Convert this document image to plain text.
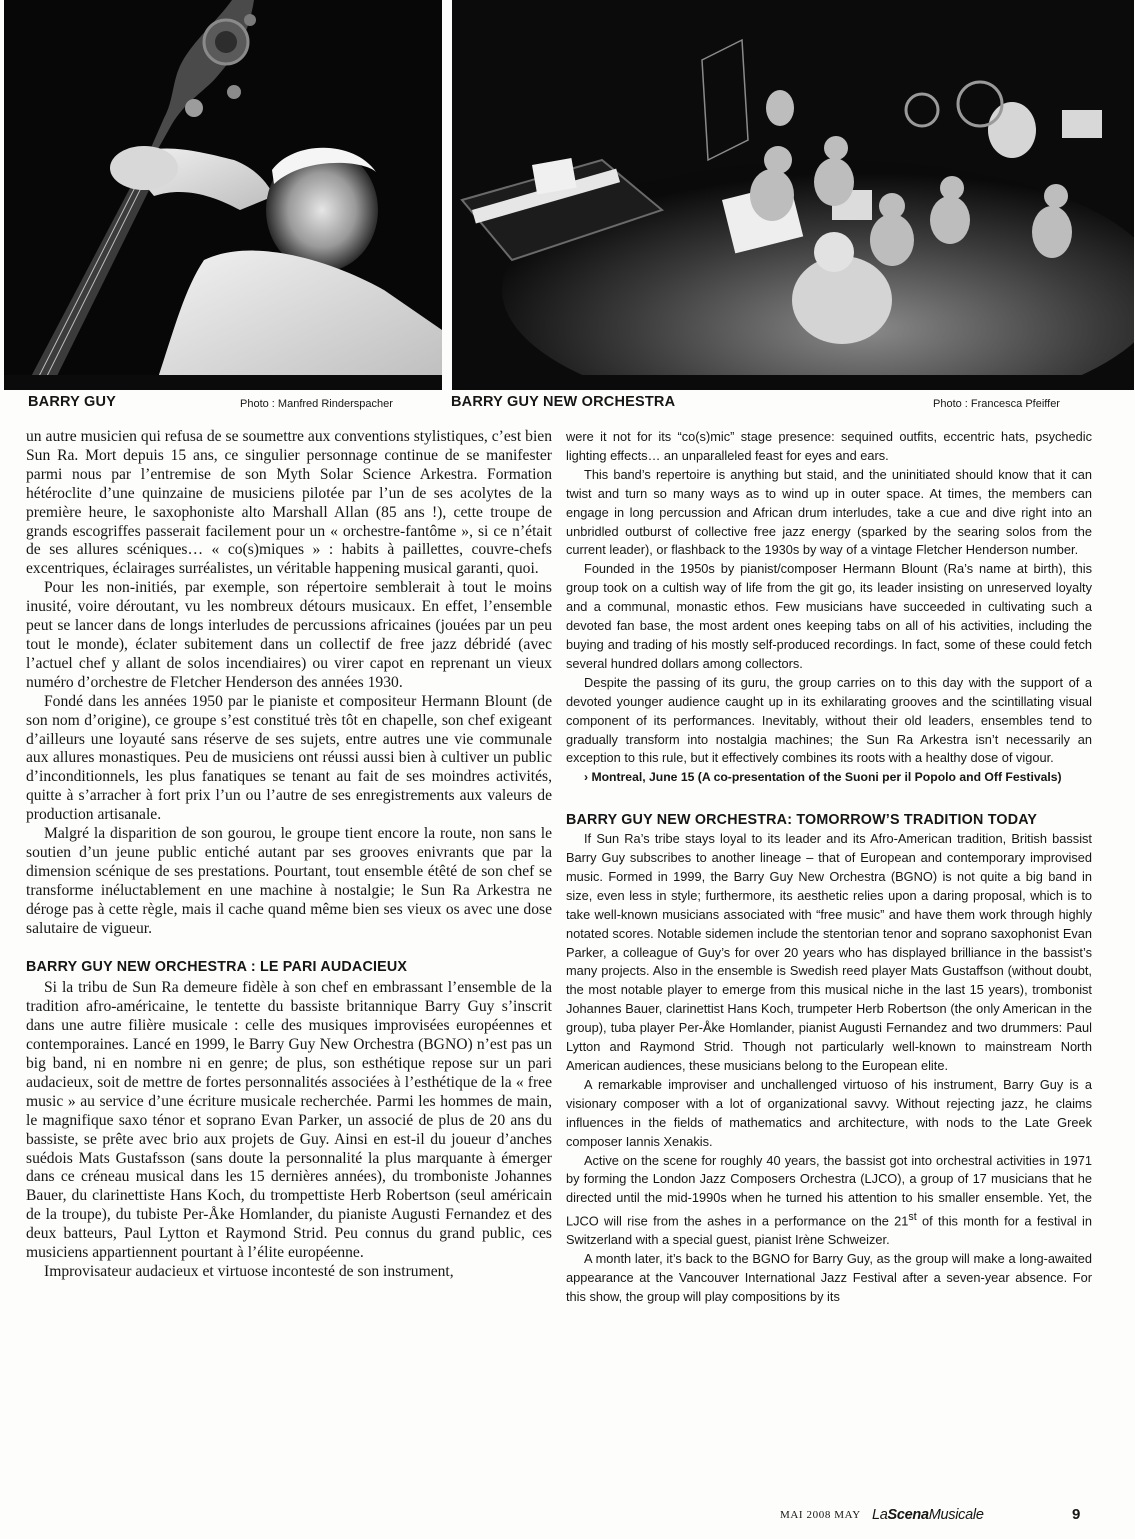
BARRY GUY	Photo : Manfred Rinderspacher	BARRY GUY NEW ORCHESTRA	Photo : Francesca Pfeiffer

un autre musicien qui refusa de se soumettre aux conventions stylistiques, c’est bien Sun Ra. Mort depuis 15 ans, ce singulier personnage continue de se manifester parmi nous par l’entremise de son Myth Solar Science Arkestra. Formation hétéroclite d’une quinzaine de musiciens pilotée par l’un de ses acolytes de la première heure, le saxophoniste alto Marshall Allan (85 ans !), cette troupe de grands escogriffes passerait facilement pour un « orchestre-fantôme », si ce n’était de ses allures scéniques… « co(s)miques » : habits à paillettes, couvre-chefs excentriques, éclairages surréalistes, un véritable happening musical garanti, quoi.

Pour les non-initiés, par exemple, son répertoire semblerait à tout le moins inusité, voire déroutant, vu les nombreux détours musicaux. En effet, l’ensemble peut se lancer dans de longs interludes de percussions africaines (jouées par un peu tout le monde), éclater subitement dans un collectif de free jazz débridé (avec l’actuel chef y allant de solos incendiaires) ou virer capot en reprenant un vieux numéro d’orchestre de Fletcher Henderson des années 1930.

Fondé dans les années 1950 par le pianiste et compositeur Hermann Blount (de son nom d’origine), ce groupe s’est constitué très tôt en chapelle, son chef exigeant d’ailleurs une loyauté sans réserve de ses sujets, entre autres une vie communale aux allures monastiques. Peu de musiciens ont réussi aussi bien à cultiver un public d’inconditionnels, les plus fanatiques se tenant au fait de ses moindres activités, quitte à s’arracher à fort prix l’un ou l’autre de ses enregistrements aux valeurs de production artisanale.

Malgré la disparition de son gourou, le groupe tient encore la route, non sans le soutien d’un jeune public entiché autant par ses grooves enivrants que par la dimension scénique de ses prestations. Pourtant, tout ensemble étêté de son chef se transforme inéluctablement en une machine à nostalgie; le Sun Ra Arkestra ne déroge pas à cette règle, mais il cache quand même bien ses vieux os avec une dose salutaire de vigueur.

BARRY GUY NEW ORCHESTRA : LE PARI AUDACIEUX

Si la tribu de Sun Ra demeure fidèle à son chef en embrassant l’ensemble de la tradition afro-américaine, le tentette du bassiste britannique Barry Guy s’inscrit dans une autre filière musicale : celle des musiques improvisées européennes et contemporaines. Lancé en 1999, le Barry Guy New Orchestra (BGNO) n’est pas un big band, ni en nombre ni en genre; de plus, son esthétique repose sur un pari audacieux, soit de mettre de fortes personnalités associées à l’esthétique de la « free music » au service d’une écriture musicale recherchée. Parmi les hommes de main, le magnifique saxo ténor et soprano Evan Parker, un associé de plus de 20 ans du bassiste, se prête avec brio aux projets de Guy. Ainsi en est-il du joueur d’anches suédois Mats Gustafsson (sans doute la personnalité la plus marquante à émerger dans ce créneau musical dans les 15 dernières années), du tromboniste Johannes Bauer, du clarinettiste Hans Koch, du trompettiste Herb Robertson (seul américain de la troupe), du tubiste Per-Åke Homlander, du pianiste Augusti Fernandez et des deux batteurs, Paul Lytton et Raymond Strid. Peu connus du grand public, ces musiciens appartiennent pourtant à l’élite européenne.

Improvisateur audacieux et virtuose incontesté de son instrument,

were it not for its “co(s)mic” stage presence: sequined outfits, eccentric hats, psychedic lighting effects… an unparalleled feast for eyes and ears.

This band’s repertoire is anything but staid, and the uninitiated should know that it can twist and turn so many ways as to wind up in outer space. At times, the members can engage in long percussion and African drum interludes, take a cue and dive right into an unbridled outburst of collective free jazz energy (sparked by the searing solos from the current leader), or flashback to the 1930s by way of a vintage Fletcher Henderson number.

Founded in the 1950s by pianist/composer Hermann Blount (Ra’s name at birth), this group took on a cultish way of life from the git go, its leader insisting on unreserved loyalty and a communal, monastic ethos. Few musicians have succeeded in cultivating such a devoted fan base, the most ardent ones keeping tabs on all of his activities, including the buying and trading of his mostly self-produced recordings. In fact, some of these could fetch several hundred dollars among collectors.

Despite the passing of its guru, the group carries on to this day with the support of a devoted younger audience caught up in its exhilarating grooves and the scintillating visual component of its performances. Inevitably, without their old leaders, ensembles tend to gradually transform into nostalgia machines; the Sun Ra Arkestra isn’t necessarily an exception to this rule, but it effectively combines its roots with a healthy dose of vigour.

› Montreal, June 15 (A co-presentation of the Suoni per il Popolo and Off Festivals)

BARRY GUY NEW ORCHESTRA: TOMORROW’S TRADITION TODAY

If Sun Ra’s tribe stays loyal to its leader and its Afro-American tradition, British bassist Barry Guy subscribes to another lineage – that of European and contemporary improvised music. Formed in 1999, the Barry Guy New Orchestra (BGNO) is not quite a big band in size, even less in style; furthermore, its aesthetic relies upon a daring proposal, which is to take well-known musicians associated with “free music” and have them work through highly notated scores. Notable sidemen include the stentorian tenor and soprano saxophonist Evan Parker, a colleague of Guy’s for over 20 years who has displayed brilliance in the bassist’s many projects. Also in the ensemble is Swedish reed player Mats Gustaffson (without doubt, the most notable player to emerge from this musical niche in the last 15 years), trombonist Johannes Bauer, clarinettist Hans Koch, trumpeter Herb Robertson (the only American in the group), tuba player Per-Åke Homlander, pianist Augusti Fernandez and two drummers: Paul Lytton and Raymond Strid. Though not particularly well-known to mainstream North American audiences, these musicians belong to the European elite.

A remarkable improviser and unchallenged virtuoso of his instrument, Barry Guy is a visionary composer with a lot of organizational savvy. Without rejecting jazz, he claims influences in the fields of mathematics and architecture, with nods to the Late Greek composer Iannis Xenakis.

Active on the scene for roughly 40 years, the bassist got into orchestral activities in 1971 by forming the London Jazz Composers Orchestra (LJCO), a group of 17 musicians that he directed until the mid-1990s when he turned his attention to his smaller ensemble. Yet, the LJCO will rise from the ashes in a performance on the 21st of this month for a festival in Switzerland with a special guest, pianist Irène Schweizer.

A month later, it’s back to the BGNO for Barry Guy, as the group will make a long-awaited appearance at the Vancouver International Jazz Festival after a seven-year absence. For this show, the group will play compositions by its

MAI 2008 MAY LaScenaMusicale	9
